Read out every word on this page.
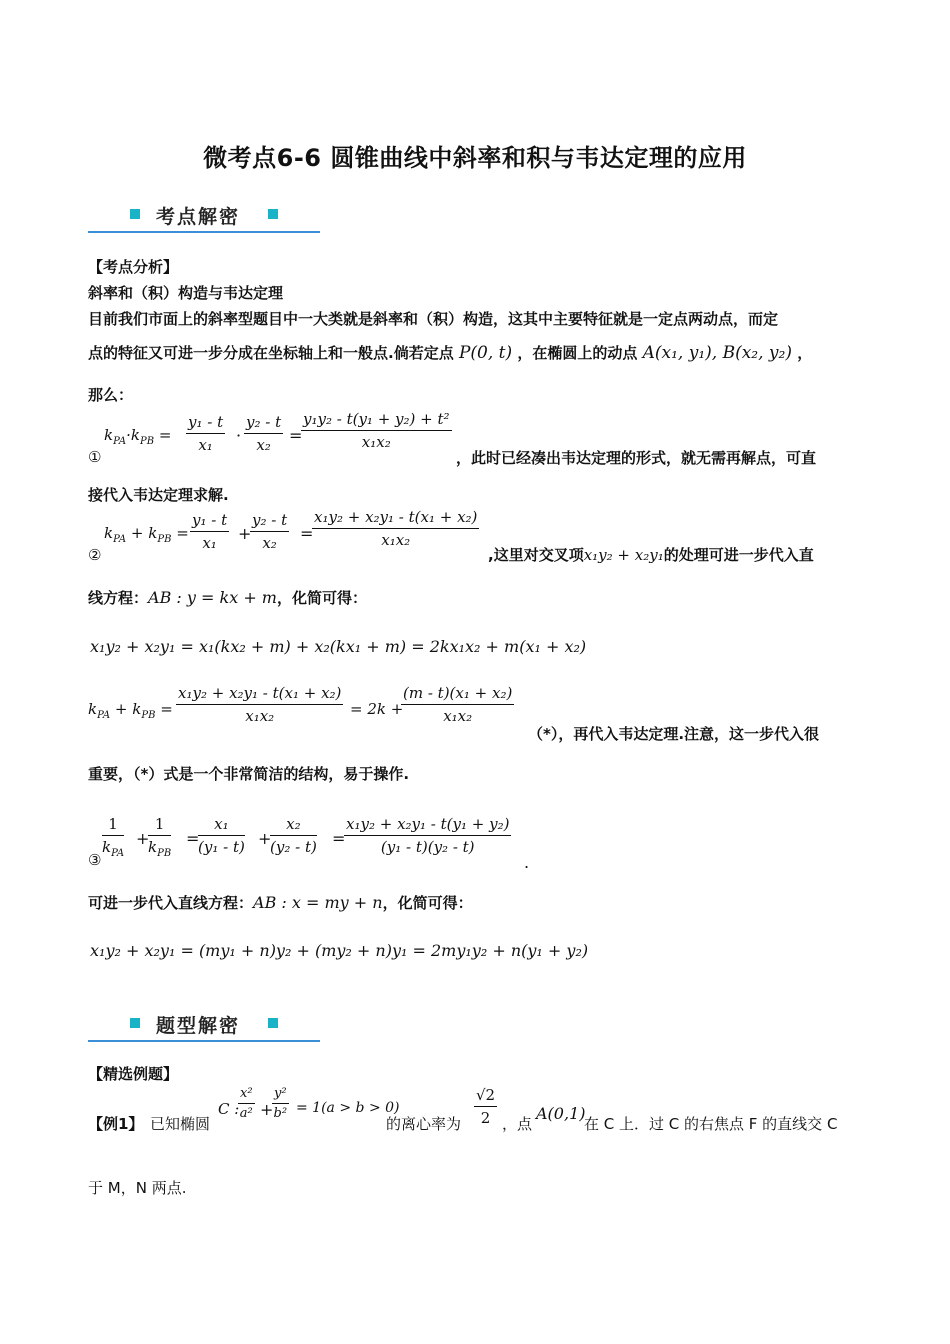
微考点6-6 圆锥曲线中斜率和积与韦达定理的应用
考点解密
【考点分析】
斜率和（积）构造与韦达定理
目前我们市面上的斜率型题目中一大类就是斜率和（积）构造，这其中主要特征就是一定点两动点，而定
点的特征又可进一步分成在坐标轴上和一般点.倘若定点 P(0, t) ，在椭圆上的动点 A(x₁, y₁), B(x₂, y₂) ，
那么：
①
$k_{PA}\cdot k_{PB} = \frac{\text{y₁ - t}}{\text{x₁}} \cdot \frac{\text{y₂ - t}}{\text{x₂}}$ =
$\frac{\text{y₁y₂ - t(y₁ + y₂) + t²}}{\text{x₁x₂}}$
，此时已经凑出韦达定理的形式，就无需再解点，可直
接代入韦达定理求解.
②
$k_{PA} + k_{PB} = \frac{\text{y₁ - t}}{\text{x₁}}$ +
$\frac{\text{y₂ - t}}{\text{x₂}}$ =
$\frac{\text{x₁y₂ + x₂y₁ - t(x₁ + x₂)}}{\text{x₁x₂}}$
,这里对交叉项x₁y₂ + x₂y₁的处理可进一步代入直
线方程：AB : y = kx + m，化简可得：
x₁y₂ + x₂y₁ = x₁(kx₂ + m) + x₂(kx₁ + m) = 2kx₁x₂ + m(x₁ + x₂)
$k_{PA} + k_{PB} = \frac{\text{x₁y₂ + x₂y₁ - t(x₁ + x₂)}}{\text{x₁x₂}} = 2k$ +
$\frac{\text{(m - t)(x₁ + x₂)}}{\text{x₁x₂}}$
（*），再代入韦达定理.注意，这一步代入很
重要，（*）式是一个非常简洁的结构，易于操作.
③
1
$k_{PA}$
+
1
$k_{PB}$
=
$\frac{\text{x₁}}{\text{(y₁ - t)}}$ +
$\frac{\text{x₂}}{\text{(y₂ - t)}}$ =
$\frac{\text{x₁y₂ + x₂y₁ - t(y₁ + y₂)}}{\text{(y₁ - t)(y₂ - t)}}$
.
可进一步代入直线方程：AB : x = my + n，化简可得：
x₁y₂ + x₂y₁ = (my₁ + n)y₂ + (my₂ + n)y₁ = 2my₁y₂ + n(y₁ + y₂)
题型解密
【精选例题】
【例1】 已知椭圆
C :
$\frac{\text{x²}}{\text{a²}}$ +
$\frac{\text{y²}}{\text{b²}} = 1(a > b > 0)$
的离心率为 $\frac{√2}{2}$ ，点
A(0,1)
在 C 上．过 C 的右焦点 F 的直线交 C
于 M，N 两点.
